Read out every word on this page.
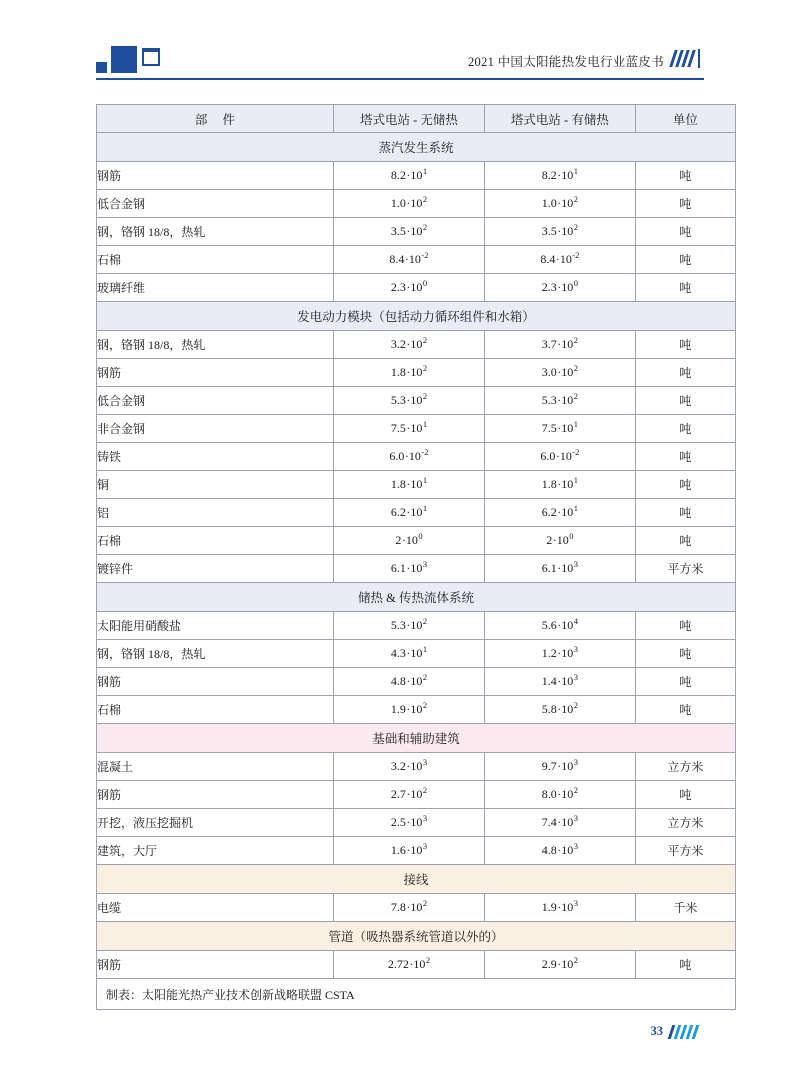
2021 中国太阳能热发电行业蓝皮书
部 件	塔式电站 - 无储热	塔式电站 - 有储热	单位
蒸汽发生系统			
钢筋	$8.2\cdot 10^1$	$8.2\cdot 10^1$	吨
低合金钢	$1.0\cdot 10^2$	$1.0\cdot 10^2$	吨
钢，铬钢 18/8，热轧	$3.5\cdot 10^2$	$3.5\cdot 10^2$	吨
石棉	$8.4\cdot 10^{-2}$	$8.4\cdot 10^{-2}$	吨
玻璃纤维	$2.3\cdot 10^0$	$2.3\cdot 10^0$	吨
发电动力模块（包括动力循环组件和水箱）			
钢，铬钢 18/8，热轧	$3.2\cdot 10^2$	$3.7\cdot 10^2$	吨
钢筋	$1.8\cdot 10^2$	$3.0\cdot 10^2$	吨
低合金钢	$5.3\cdot 10^2$	$5.3\cdot 10^2$	吨
非合金钢	$7.5\cdot 10^1$	$7.5\cdot 10^1$	吨
铸铁	$6.0\cdot 10^{-2}$	$6.0\cdot 10^{-2}$	吨
铜	$1.8\cdot 10^1$	$1.8\cdot 10^1$	吨
铝	$6.2\cdot 10^1$	$6.2\cdot 10^1$	吨
石棉	$2\cdot 10^0$	$2\cdot 10^0$	吨
镀锌件	$6.1\cdot 10^3$	$6.1\cdot 10^3$	平方米
储热 & 传热流体系统			
太阳能用硝酸盐	$5.3\cdot 10^2$	$5.6\cdot 10^4$	吨
钢，铬钢 18/8，热轧	$4.3\cdot 10^1$	$1.2\cdot 10^3$	吨
钢筋	$4.8\cdot 10^2$	$1.4\cdot 10^3$	吨
石棉	$1.9\cdot 10^2$	$5.8\cdot 10^2$	吨
基础和辅助建筑			
混凝土	$3.2\cdot 10^3$	$9.7\cdot 10^3$	立方米
钢筋	$2.7\cdot 10^2$	$8.0\cdot 10^2$	吨
开挖，液压挖掘机	$2.5\cdot 10^3$	$7.4\cdot 10^3$	立方米
建筑，大厅	$1.6\cdot 10^3$	$4.8\cdot 10^3$	平方米
接线			
电缆	$7.8\cdot 10^2$	$1.9\cdot 10^3$	千米
管道（吸热器系统管道以外的）			
钢筋	$2.72\cdot 10^2$	$2.9\cdot 10^2$	吨
制表：太阳能光热产业技术创新战略联盟 CSTA			
33
